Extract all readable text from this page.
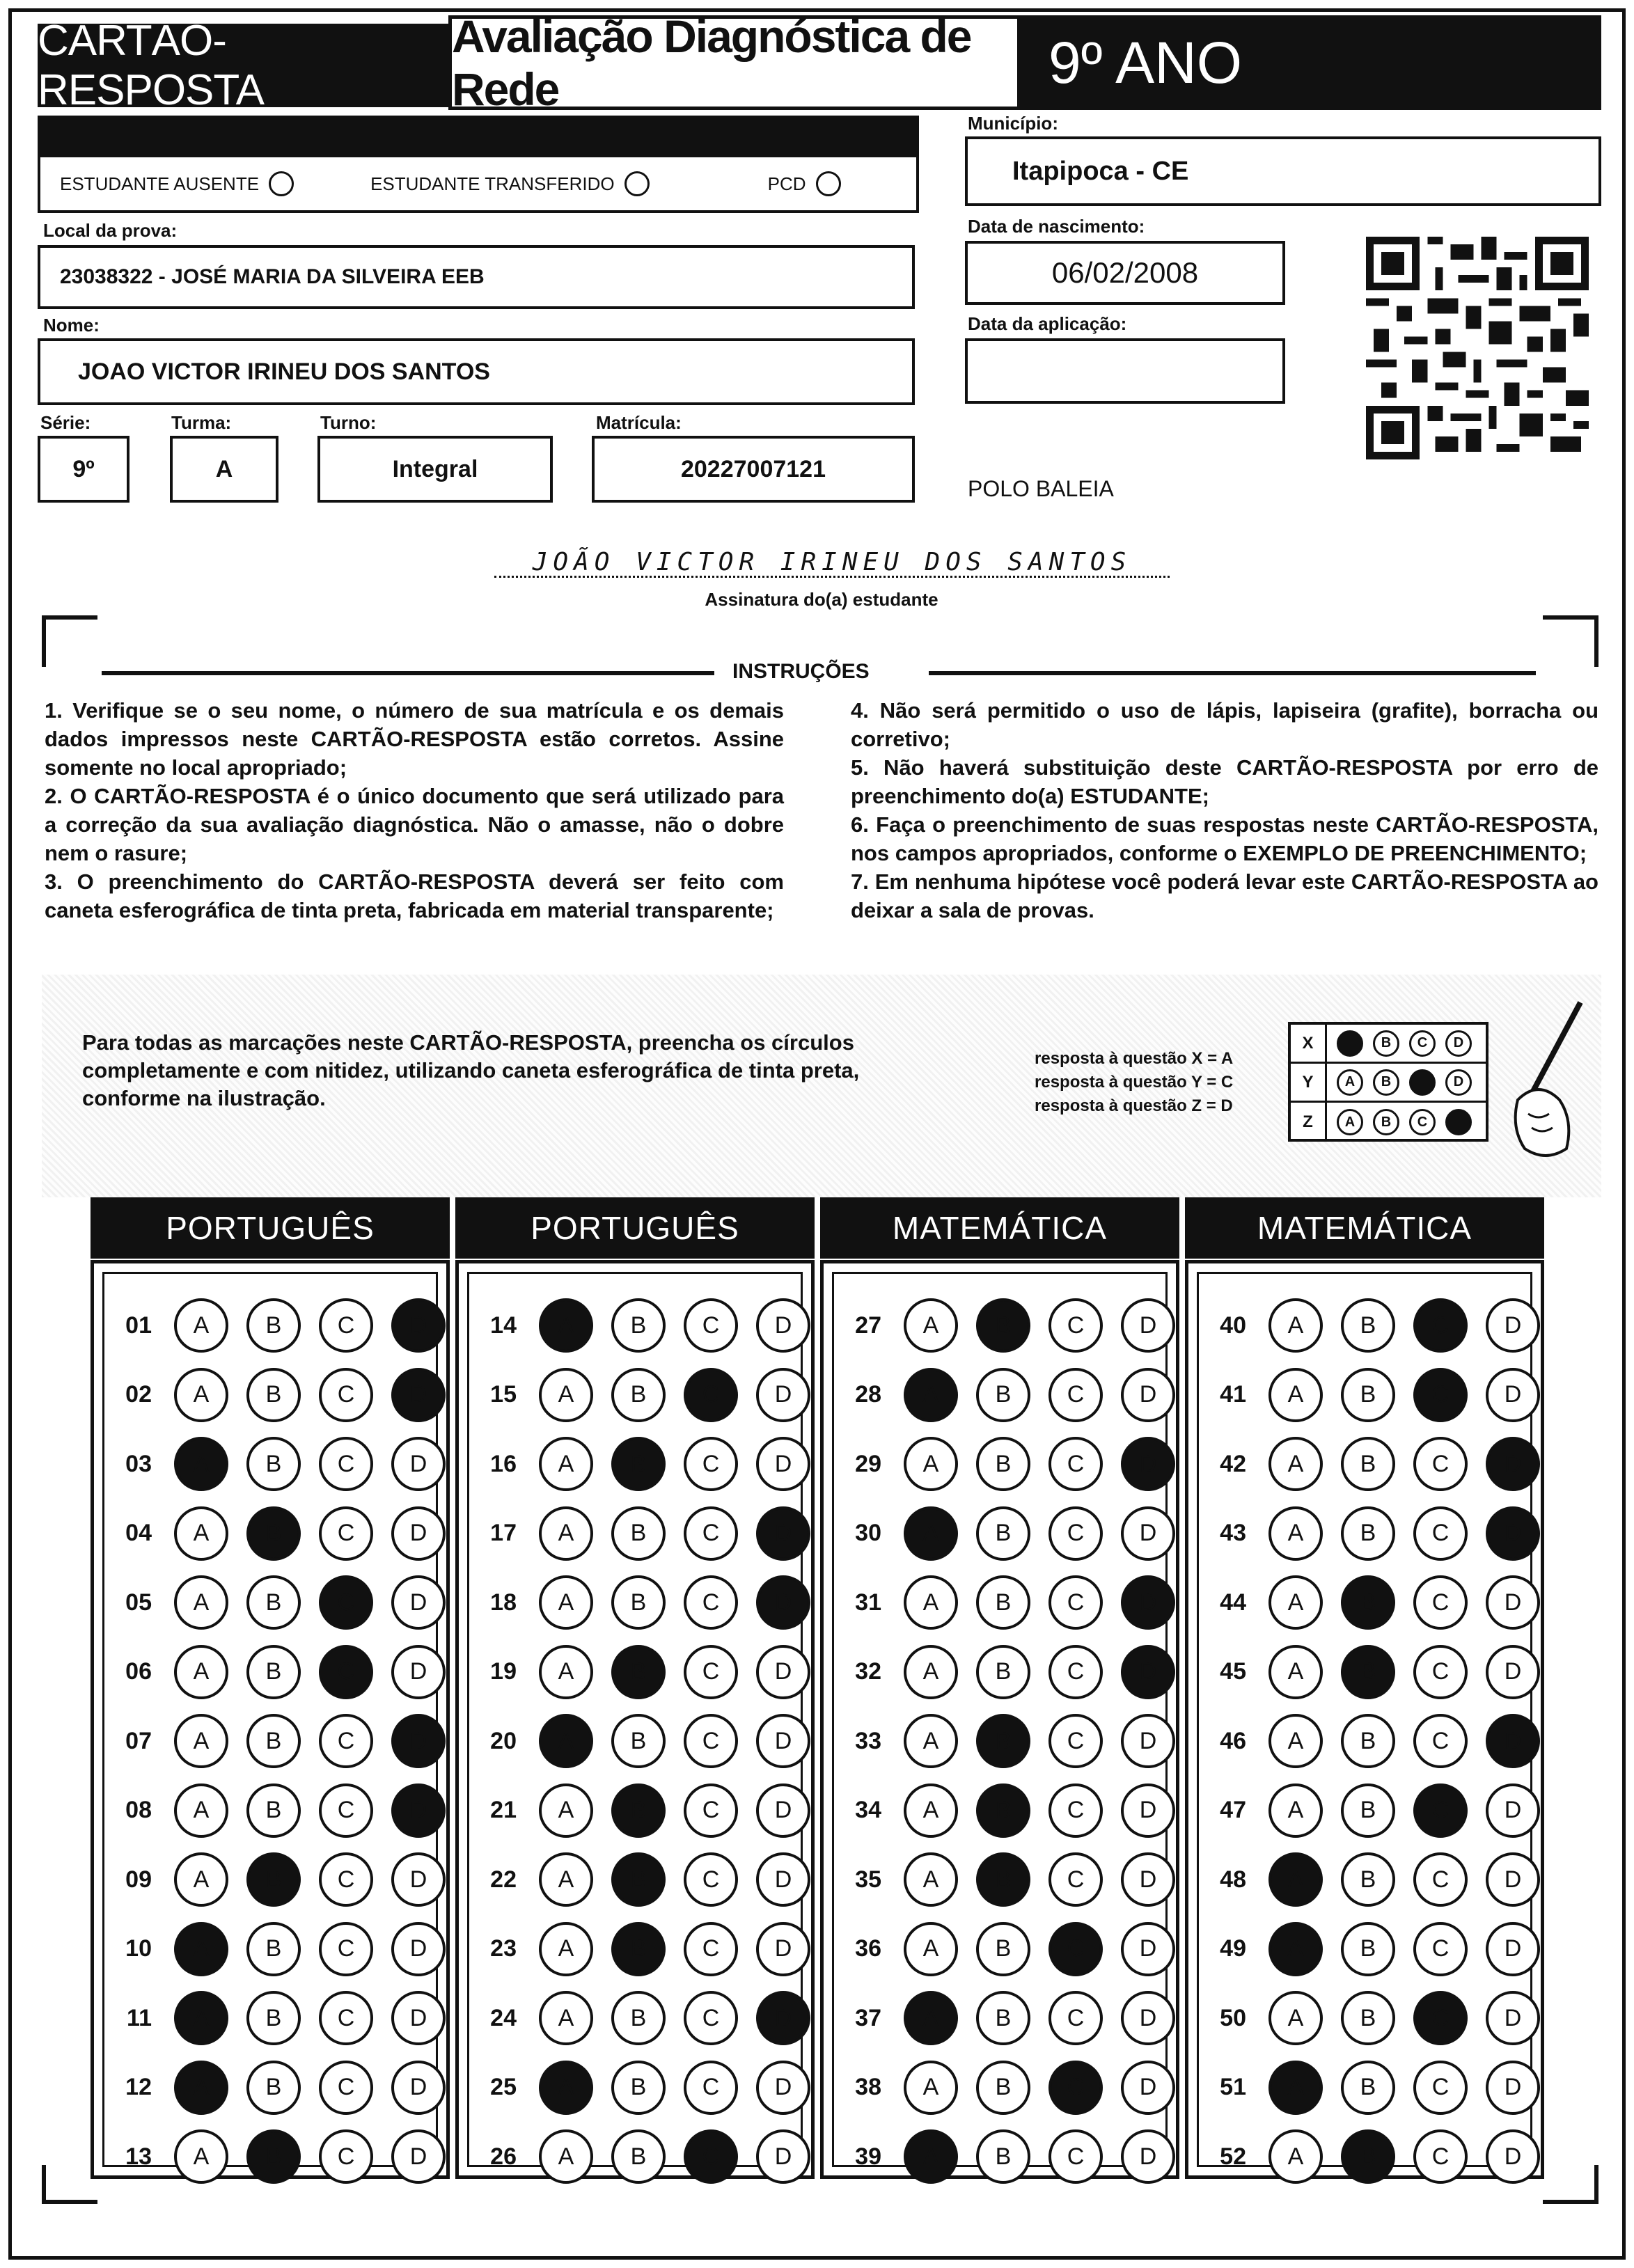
CARTÃO-RESPOSTA
Avaliação Diagnóstica de Rede	9º ANO
ESTUDANTE AUSENTE	ESTUDANTE TRANSFERIDO	PCD
Local da prova:
23038322 - JOSÉ MARIA DA SILVEIRA EEB
Nome:
JOAO VICTOR IRINEU DOS SANTOS
Série:
9º
Turma:
A
Turno:
Integral
Matrícula:
20227007121
Município:
Itapipoca - CE
Data de nascimento:
06/02/2008
Data da aplicação:
POLO BALEIA
JOÃO VICTOR IRINEU DOS SANTOS
Assinatura do(a) estudante
INSTRUÇÕES

1. Verifique se o seu nome, o número de sua matrícula e os demais dados impressos neste CARTÃO-RESPOSTA estão corretos. Assine somente no local apropriado;

2. O CARTÃO-RESPOSTA é o único documento que será utilizado para a correção da sua avaliação diagnóstica. Não o amasse, não o dobre nem o rasure;

3. O preenchimento do CARTÃO-RESPOSTA deverá ser feito com caneta esferográfica de tinta preta, fabricada em material transparente;

4. Não será permitido o uso de lápis, lapiseira (grafite), borracha ou corretivo;

5. Não haverá substituição deste CARTÃO-RESPOSTA por erro de preenchimento do(a) ESTUDANTE;

6. Faça o preenchimento de suas respostas neste CARTÃO-RESPOSTA, nos campos apropriados, conforme o EXEMPLO DE PREENCHIMENTO;

7. Em nenhuma hipótese você poderá levar este CARTÃO-RESPOSTA ao deixar a sala de provas.

Para todas as marcações neste CARTÃO-RESPOSTA, preencha os círculos completamente e com nitidez, utilizando caneta esferográfica de tinta preta, conforme na ilustração.
resposta à questão X = A
resposta à questão Y = C
resposta à questão Z = D
X	B	C	D
Y	A	B	D
Z	A	B	C
PORTUGUÊS
01	A	B	C	D
02	A	B	C	D
03	A	B	C	D
04	A	B	C	D
05	A	B	C	D
06	A	B	C	D
07	A	B	C	D
08	A	B	C	D
09	A	B	C	D
10	A	B	C	D
11	A	B	C	D
12	A	B	C	D
13	A	B	C	D
PORTUGUÊS
14	A	B	C	D
15	A	B	C	D
16	A	B	C	D
17	A	B	C	D
18	A	B	C	D
19	A	B	C	D
20	A	B	C	D
21	A	B	C	D
22	A	B	C	D
23	A	B	C	D
24	A	B	C	D
25	A	B	C	D
26	A	B	C	D
MATEMÁTICA
27	A	B	C	D
28	A	B	C	D
29	A	B	C	D
30	A	B	C	D
31	A	B	C	D
32	A	B	C	D
33	A	B	C	D
34	A	B	C	D
35	A	B	C	D
36	A	B	C	D
37	A	B	C	D
38	A	B	C	D
39	A	B	C	D
MATEMÁTICA
40	A	B	C	D
41	A	B	C	D
42	A	B	C	D
43	A	B	C	D
44	A	B	C	D
45	A	B	C	D
46	A	B	C	D
47	A	B	C	D
48	A	B	C	D
49	A	B	C	D
50	A	B	C	D
51	A	B	C	D
52	A	B	C	D
